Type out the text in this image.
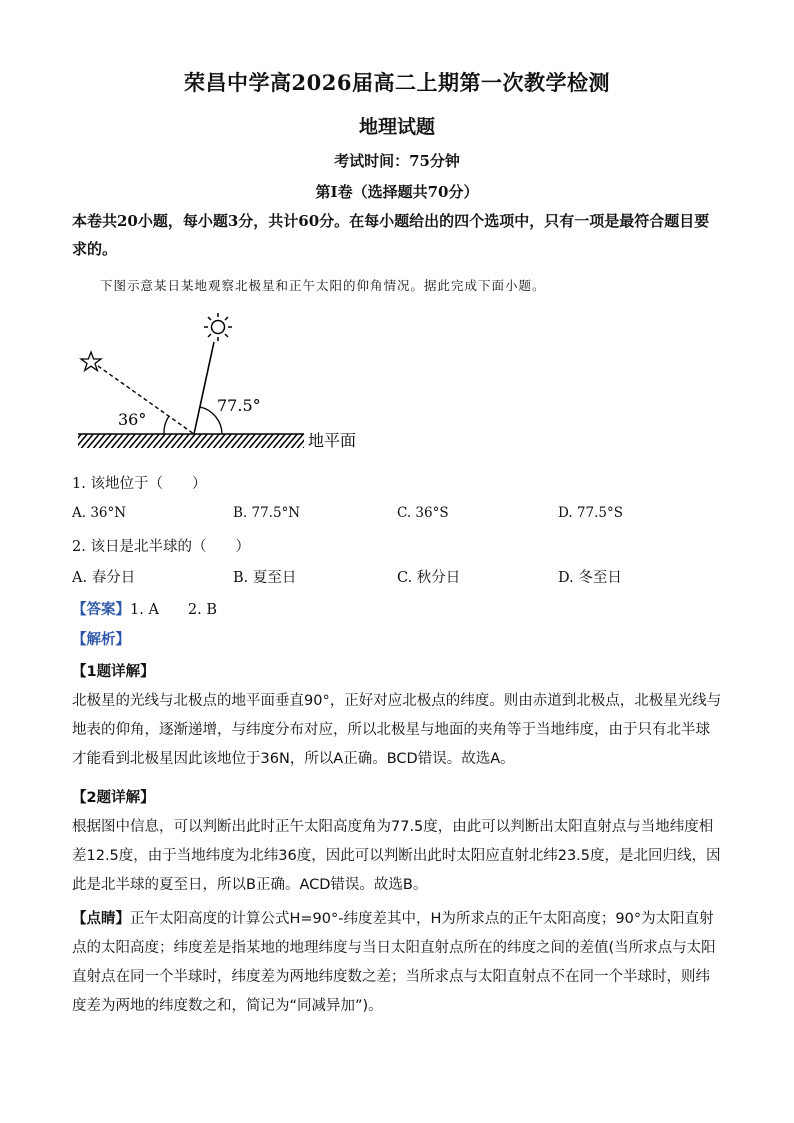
荣昌中学高2026届高二上期第一次教学检测
地理试题
考试时间：75分钟
第Ⅰ卷（选择题共70分）
本卷共20小题，每小题3分，共计60分。在每小题给出的四个选项中，只有一项是最符合题目要求的。
下图示意某日某地观察北极星和正午太阳的仰角情况。据此完成下面小题。
36°
77.5°
地平面
1. 该地位于（　　）
A. 36°N	B. 77.5°N	C. 36°S	D. 77.5°S
2. 该日是北半球的（　　）
A. 春分日	B. 夏至日	C. 秋分日	D. 冬至日
【答案】1. A　　2. B
【解析】
【1题详解】
北极星的光线与北极点的地平面垂直90°，正好对应北极点的纬度。则由赤道到北极点，北极星光线与地表的仰角，逐渐递增，与纬度分布对应，所以北极星与地面的夹角等于当地纬度，由于只有北半球才能看到北极星因此该地位于36N，所以A正确。BCD错误。故选A。
【2题详解】
根据图中信息，可以判断出此时正午太阳高度角为77.5度，由此可以判断出太阳直射点与当地纬度相差12.5度，由于当地纬度为北纬36度，因此可以判断出此时太阳应直射北纬23.5度，是北回归线，因此是北半球的夏至日，所以B正确。ACD错误。故选B。
【点睛】正午太阳高度的计算公式H=90°-纬度差其中，H为所求点的正午太阳高度；90°为太阳直射点的太阳高度；纬度差是指某地的地理纬度与当日太阳直射点所在的纬度之间的差值(当所求点与太阳直射点在同一个半球时，纬度差为两地纬度数之差；当所求点与太阳直射点不在同一个半球时，则纬度差为两地的纬度数之和，简记为“同减异加”)。
